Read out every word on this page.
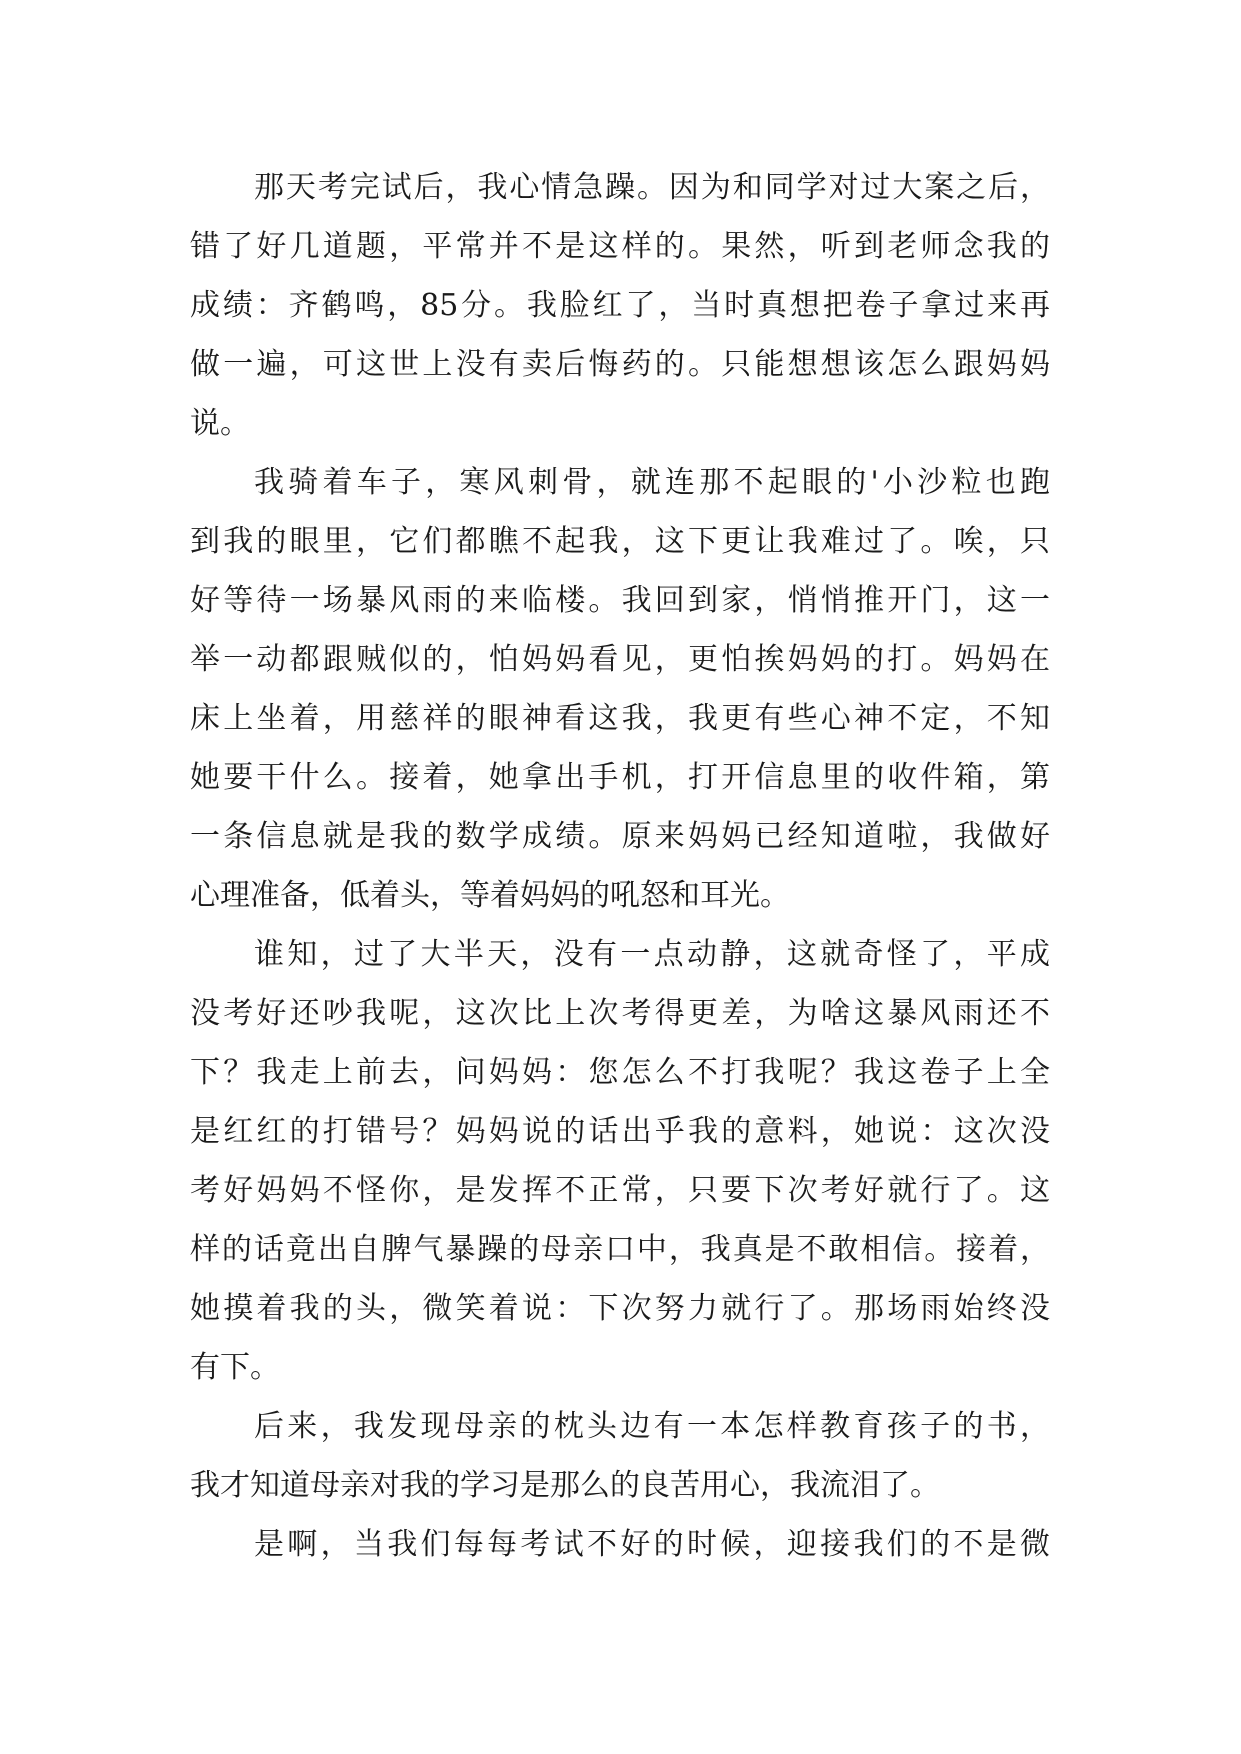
那天考完试后，我心情急躁。因为和同学对过大案之后，
错了好几道题，平常并不是这样的。果然，听到老师念我的
成绩：齐鹤鸣，85分。我脸红了，当时真想把卷子拿过来再
做一遍，可这世上没有卖后悔药的。只能想想该怎么跟妈妈
说。
我骑着车子，寒风刺骨，就连那不起眼的'小沙粒也跑
到我的眼里，它们都瞧不起我，这下更让我难过了。唉，只
好等待一场暴风雨的来临楼。我回到家，悄悄推开门，这一
举一动都跟贼似的，怕妈妈看见，更怕挨妈妈的打。妈妈在
床上坐着，用慈祥的眼神看这我，我更有些心神不定，不知
她要干什么。接着，她拿出手机，打开信息里的收件箱，第
一条信息就是我的数学成绩。原来妈妈已经知道啦，我做好
心理准备，低着头，等着妈妈的吼怒和耳光。
谁知，过了大半天，没有一点动静，这就奇怪了，平成
没考好还吵我呢，这次比上次考得更差，为啥这暴风雨还不
下？我走上前去，问妈妈：您怎么不打我呢？我这卷子上全
是红红的打错号？妈妈说的话出乎我的意料，她说：这次没
考好妈妈不怪你，是发挥不正常，只要下次考好就行了。这
样的话竟出自脾气暴躁的母亲口中，我真是不敢相信。接着，
她摸着我的头，微笑着说：下次努力就行了。那场雨始终没
有下。
后来，我发现母亲的枕头边有一本怎样教育孩子的书，
我才知道母亲对我的学习是那么的良苦用心，我流泪了。
是啊，当我们每每考试不好的时候，迎接我们的不是微
